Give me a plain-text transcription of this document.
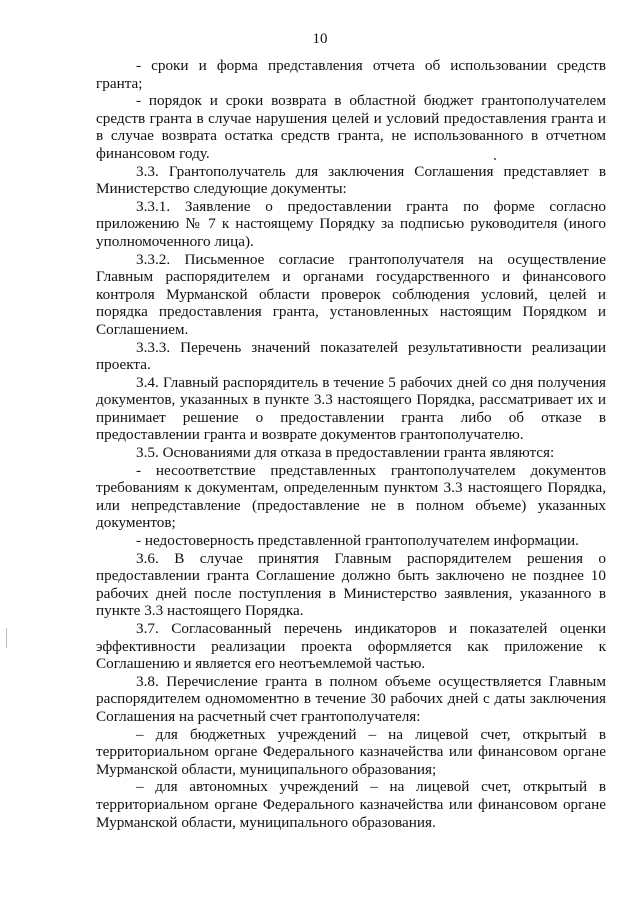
10

- сроки и форма представления отчета об использовании средств гранта;

- порядок и сроки возврата в областной бюджет грантополучателем средств гранта в случае нарушения целей и условий предоставления гранта и в случае возврата остатка средств гранта, не использованного в отчетном финансовом году.

3.3. Грантополучатель для заключения Соглашения представляет в Министерство следующие документы:

3.3.1. Заявление о предоставлении гранта по форме согласно приложению № 7 к настоящему Порядку за подписью руководителя (иного уполномоченного лица).

3.3.2. Письменное согласие грантополучателя на осуществление Главным распорядителем и органами государственного и финансового контроля Мурманской области проверок соблюдения условий, целей и порядка предоставления гранта, установленных настоящим Порядком и Соглашением.

3.3.3. Перечень значений показателей результативности реализации проекта.

3.4. Главный распорядитель в течение 5 рабочих дней со дня получения документов, указанных в пункте 3.3 настоящего Порядка, рассматривает их и принимает решение о предоставлении гранта либо об отказе в предоставлении гранта и возврате документов грантополучателю.

3.5. Основаниями для отказа в предоставлении гранта являются:

- несоответствие представленных грантополучателем документов требованиям к документам, определенным пунктом 3.3 настоящего Порядка, или непредставление (предоставление не в полном объеме) указанных документов;

- недостоверность представленной грантополучателем информации.

3.6. В случае принятия Главным распорядителем решения о предоставлении гранта Соглашение должно быть заключено не позднее 10 рабочих дней после поступления в Министерство заявления, указанного в пункте 3.3 настоящего Порядка.

3.7. Согласованный перечень индикаторов и показателей оценки эффективности реализации проекта оформляется как приложение к Соглашению и является его неотъемлемой частью.

3.8. Перечисление гранта в полном объеме осуществляется Главным распорядителем одномоментно в течение 30 рабочих дней с даты заключения Соглашения на расчетный счет грантополучателя:

– для бюджетных учреждений – на лицевой счет, открытый в территориальном органе Федерального казначейства или финансовом органе Мурманской области, муниципального образования;

– для автономных учреждений – на лицевой счет, открытый в территориальном органе Федерального казначейства или финансовом органе Мурманской области, муниципального образования.
